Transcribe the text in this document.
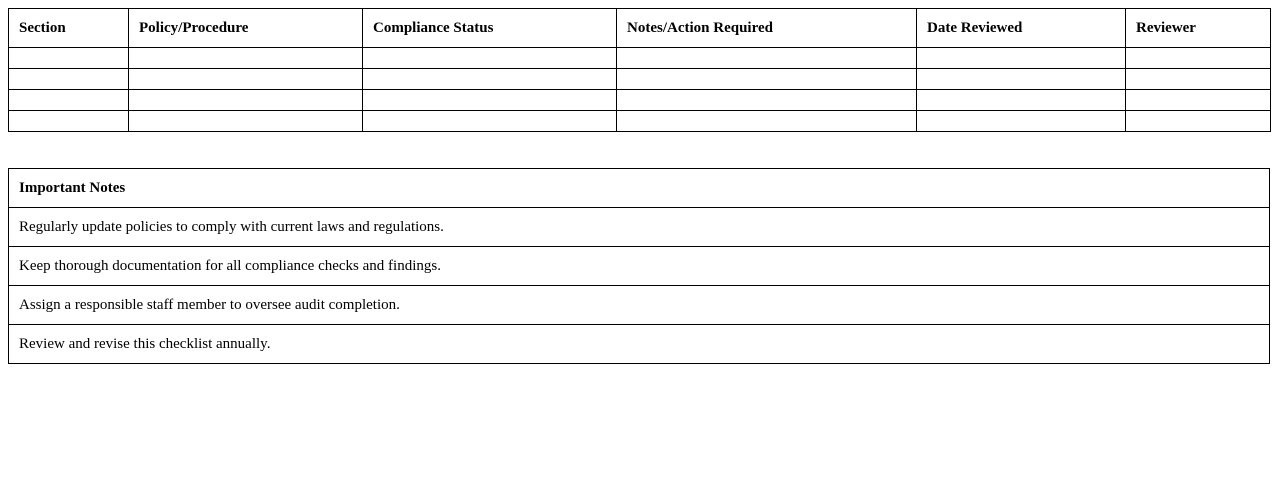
Section	Policy/Procedure	Compliance Status	Notes/Action Required	Date Reviewed	Reviewer

Important Notes
Regularly update policies to comply with current laws and regulations.
Keep thorough documentation for all compliance checks and findings.
Assign a responsible staff member to oversee audit completion.
Review and revise this checklist annually.
